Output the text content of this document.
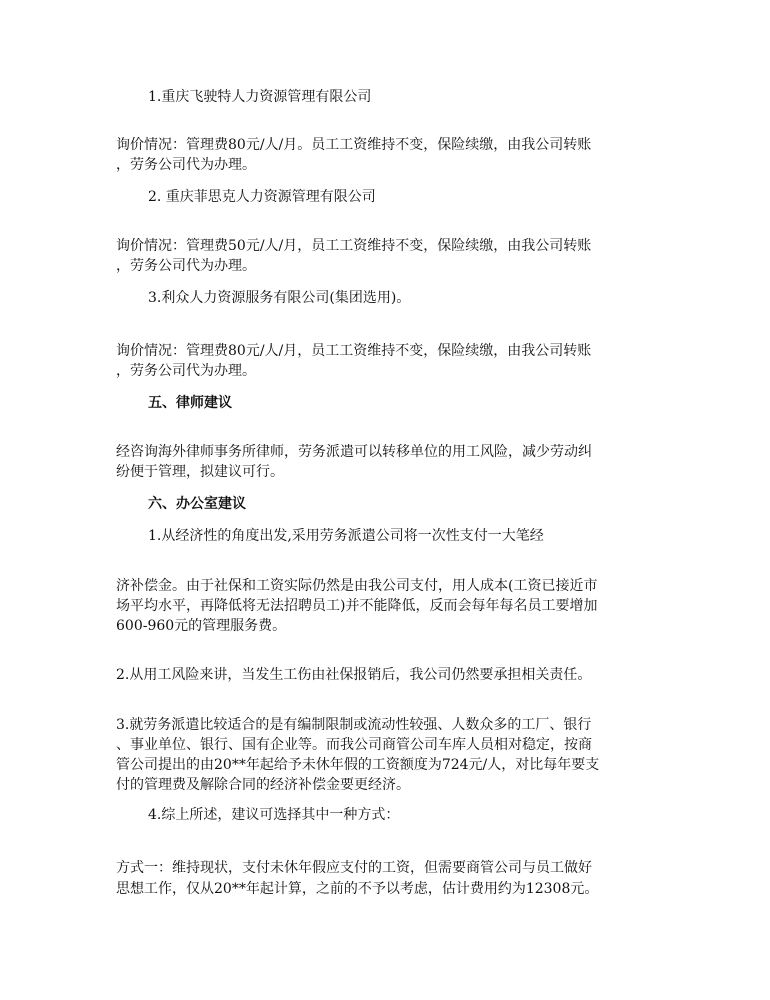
1.重庆飞驶特人力资源管理有限公司

询价情况：管理费80元/人/月。员工工资维持不变，保险续缴，由我公司转账

，劳务公司代为办理。

2. 重庆菲思克人力资源管理有限公司

询价情况：管理费50元/人/月，员工工资维持不变，保险续缴，由我公司转账

，劳务公司代为办理。

3.利众人力资源服务有限公司(集团选用)。

询价情况：管理费80元/人/月，员工工资维持不变，保险续缴，由我公司转账

，劳务公司代为办理。

五、律师建议

经咨询海外律师事务所律师，劳务派遣可以转移单位的用工风险，减少劳动纠

纷便于管理，拟建议可行。

六、办公室建议

1.从经济性的角度出发,采用劳务派遣公司将一次性支付一大笔经

济补偿金。由于社保和工资实际仍然是由我公司支付，用人成本(工资已接近市

场平均水平，再降低将无法招聘员工)并不能降低，反而会每年每名员工要增加

600-960元的管理服务费。

2.从用工风险来讲，当发生工伤由社保报销后，我公司仍然要承担相关责任。

3.就劳务派遣比较适合的是有编制限制或流动性较强、人数众多的工厂、银行

、事业单位、银行、国有企业等。而我公司商管公司车库人员相对稳定，按商

管公司提出的由20**年起给予未休年假的工资额度为724元/人，对比每年要支

付的管理费及解除合同的经济补偿金要更经济。

4.综上所述，建议可选择其中一种方式：

方式一：维持现状，支付未休年假应支付的工资，但需要商管公司与员工做好

思想工作，仅从20**年起计算，之前的不予以考虑，估计费用约为12308元。
